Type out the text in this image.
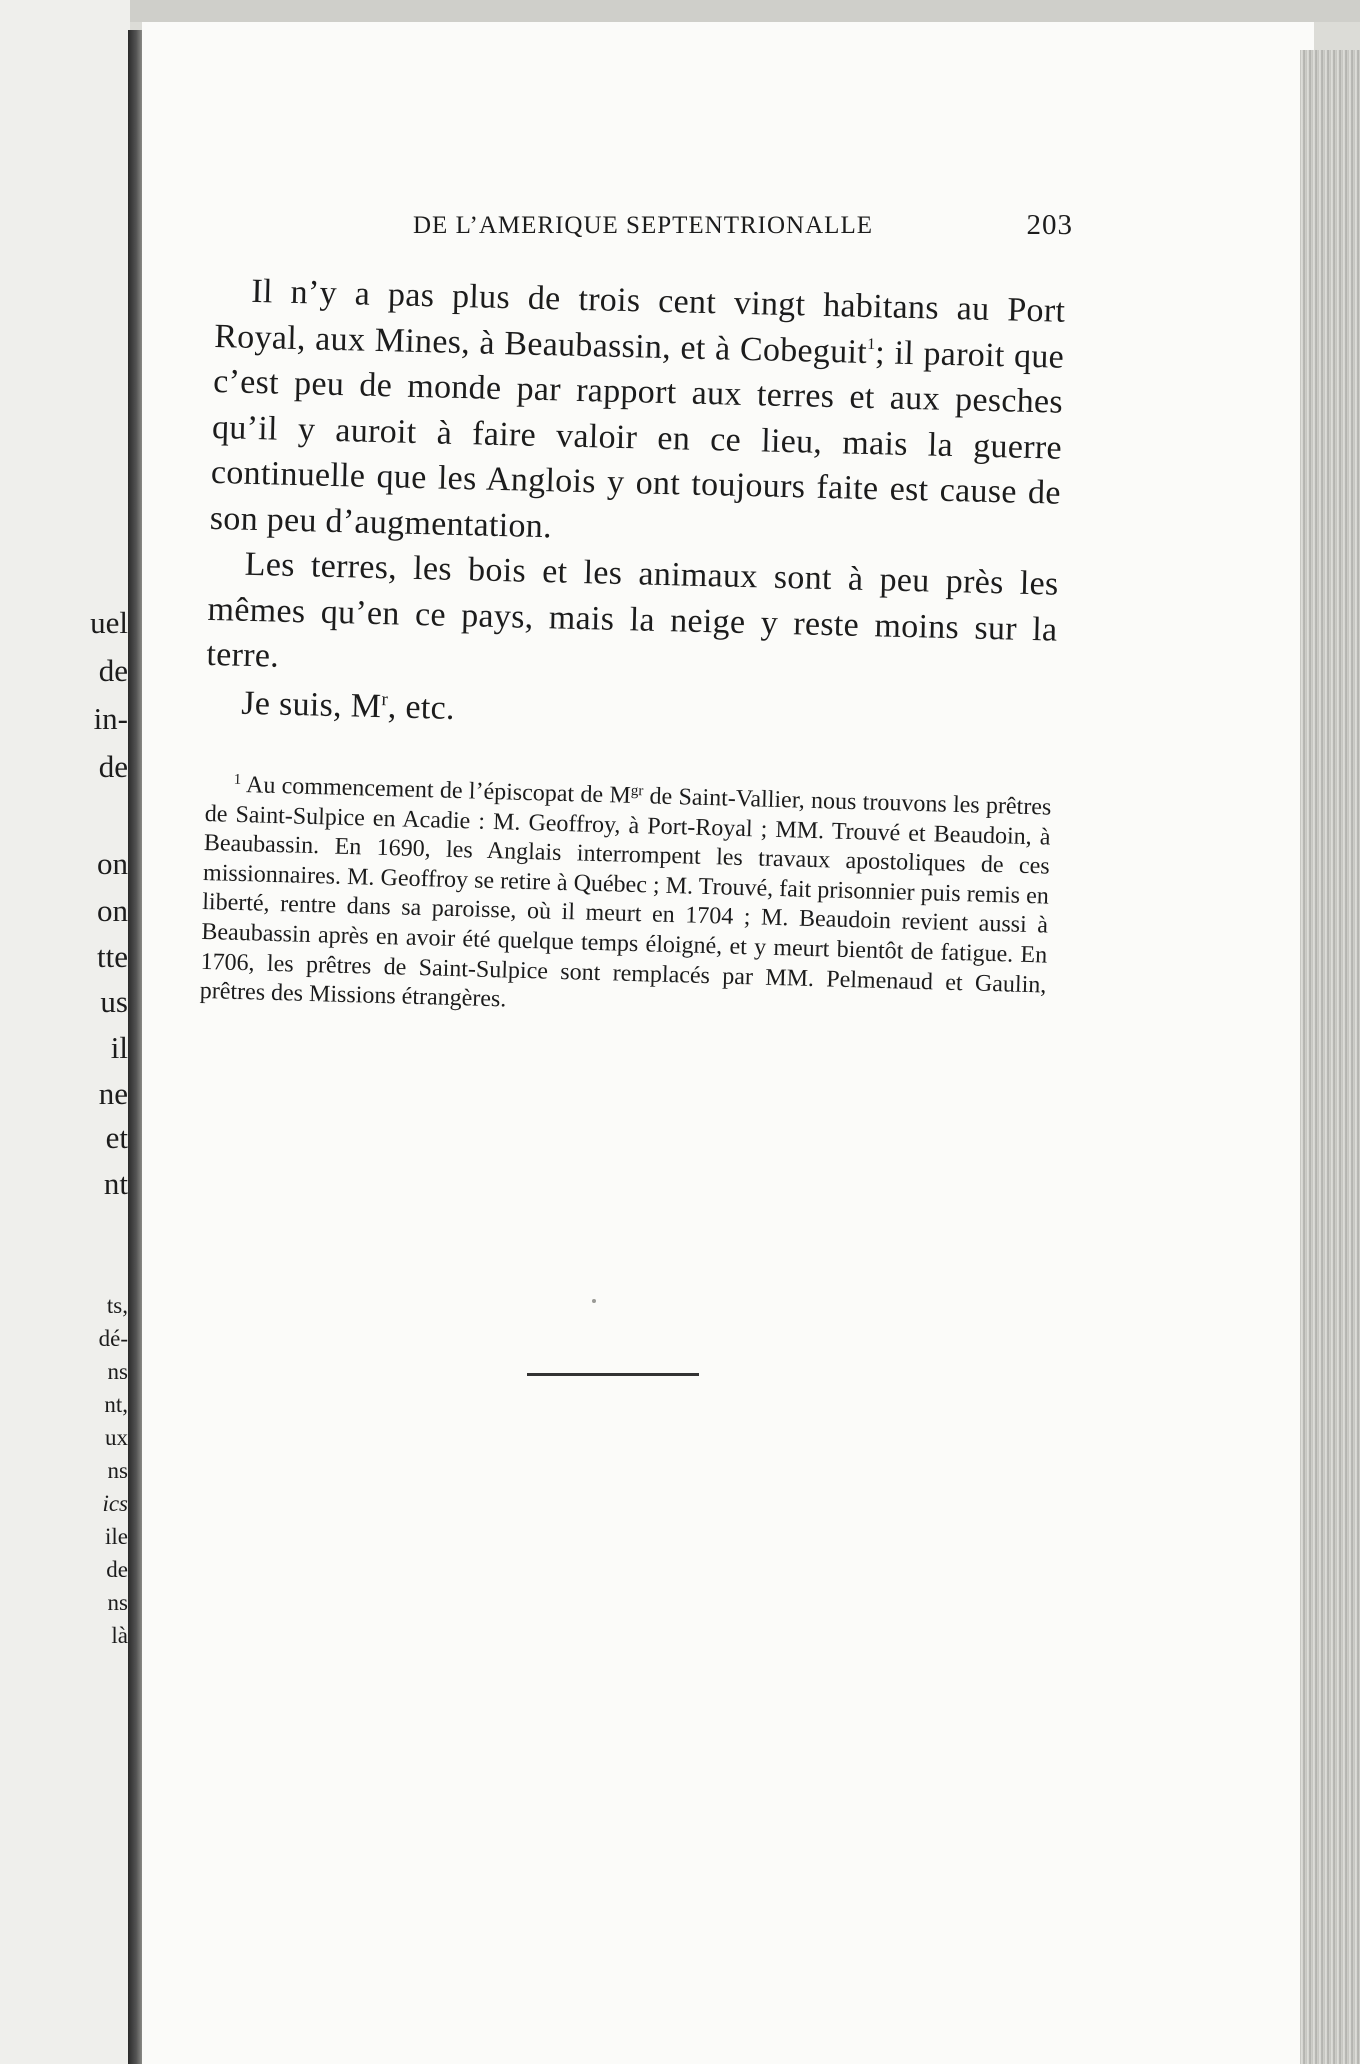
uel
de
in-
de
on
on
tte
us
il
ne
et
nt
ts,
dé-
ns
nt,
ux
ns
ics
ile
de
ns
là
DE L’AMERIQUE SEPTENTRIONALLE	203

Il n’y a pas plus de trois cent vingt habitans au Port Royal, aux Mines, à Beaubassin, et à Cobeguit$^1$; il paroit que c’est peu de monde par rapport aux terres et aux pesches qu’il y auroit à faire valoir en ce lieu, mais la guerre continuelle que les Anglois y ont toujours faite est cause de son peu d’augmentation.

Les terres, les bois et les animaux sont à peu près les mêmes qu’en ce pays, mais la neige y reste moins sur la terre.

Je suis, $M^r$, etc.

$^1$ Au commencement de l’épiscopat de $M^{gr}$ de Saint-Vallier, nous trouvons les prêtres de Saint-Sulpice en Acadie : M. Geoffroy, à Port-Royal ; MM. Trouvé et Beaudoin, à Beaubassin. En 1690, les Anglais interrompent les travaux apostoliques de ces missionnaires. M. Geoffroy se retire à Québec ; M. Trouvé, fait prisonnier puis remis en liberté, rentre dans sa paroisse, où il meurt en 1704 ; M. Beaudoin revient aussi à Beaubassin après en avoir été quelque temps éloigné, et y meurt bientôt de fatigue. En 1706, les prêtres de Saint-Sulpice sont remplacés par MM. Pelmenaud et Gaulin, prêtres des Missions étrangères.
